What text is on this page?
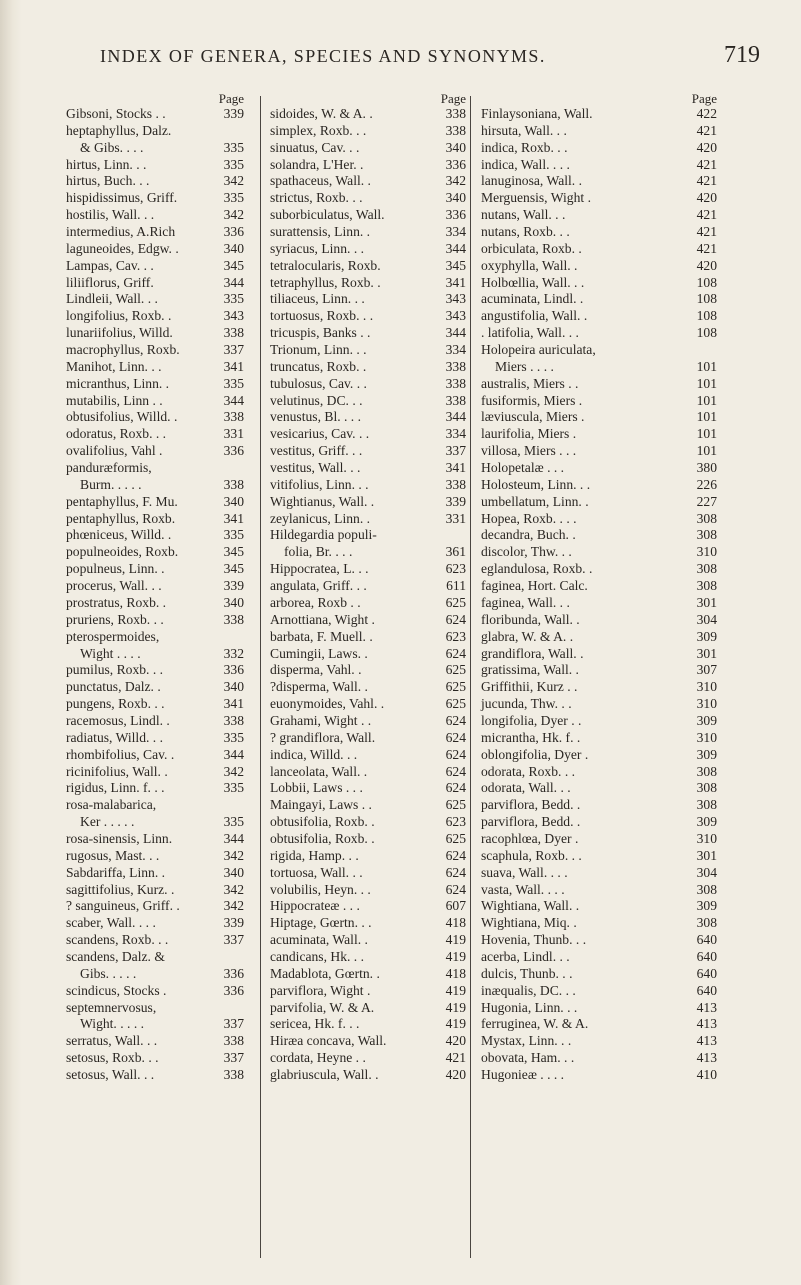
INDEX OF GENERA, SPECIES AND SYNONYMS.	719
Page
Gibsoni, Stocks . .	339
heptaphyllus, Dalz.
& Gibs. . . .	335
hirtus, Linn. . .	335
hirtus, Buch. . .	342
hispidissimus, Griff.	335
hostilis, Wall. . .	342
intermedius, A.Rich	336
laguneoides, Edgw. .	340
Lampas, Cav. . .	345
liliiflorus, Griff.	344
Lindleii, Wall. . .	335
longifolius, Roxb. .	343
lunariifolius, Willd.	338
macrophyllus, Roxb.	337
Manihot, Linn. . .	341
micranthus, Linn. .	335
mutabilis, Linn . .	344
obtusifolius, Willd. .	338
odoratus, Roxb. . .	331
ovalifolius, Vahl .	336
panduræformis,
Burm. . . . .	338
pentaphyllus, F. Mu.	340
pentaphyllus, Roxb.	341
phœniceus, Willd. .	335
populneoides, Roxb.	345
populneus, Linn. .	345
procerus, Wall. . .	339
prostratus, Roxb. .	340
pruriens, Roxb. . .	338
pterospermoides,
Wight . . . .	332
pumilus, Roxb. . .	336
punctatus, Dalz. .	340
pungens, Roxb. . .	341
racemosus, Lindl. .	338
radiatus, Willd. . .	335
rhombifolius, Cav. .	344
ricinifolius, Wall. .	342
rigidus, Linn. f. . .	335
rosa-malabarica,
Ker . . . . .	335
rosa-sinensis, Linn.	344
rugosus, Mast. . .	342
Sabdariffa, Linn. .	340
sagittifolius, Kurz. .	342
? sanguineus, Griff. .	342
scaber, Wall. . . .	339
scandens, Roxb. . .	337
scandens, Dalz. &
Gibs. . . . .	336
scindicus, Stocks .	336
septemnervosus,
Wight. . . . .	337
serratus, Wall. . .	338
setosus, Roxb. . .	337
setosus, Wall. . .	338
Page
sidoides, W. & A. .	338
simplex, Roxb. . .	338
sinuatus, Cav. . .	340
solandra, L'Her. .	336
spathaceus, Wall. .	342
strictus, Roxb. . .	340
suborbiculatus, Wall.	336
surattensis, Linn. .	334
syriacus, Linn. . .	344
tetralocularis, Roxb.	345
tetraphyllus, Roxb. .	341
tiliaceus, Linn. . .	343
tortuosus, Roxb. . .	343
tricuspis, Banks . .	344
Trionum, Linn. . .	334
truncatus, Roxb. .	338
tubulosus, Cav. . .	338
velutinus, DC. . .	338
venustus, Bl. . . .	344
vesicarius, Cav. . .	334
vestitus, Griff. . .	337
vestitus, Wall. . .	341
vitifolius, Linn. . .	338
Wightianus, Wall. .	339
zeylanicus, Linn. .	331
Hildegardia populi-
folia, Br. . . .	361
Hippocratea, L. . .	623
angulata, Griff. . .	611
arborea, Roxb . .	625
Arnottiana, Wight .	624
barbata, F. Muell. .	623
Cumingii, Laws. .	624
disperma, Vahl. .	625
?disperma, Wall. .	625
euonymoides, Vahl. .	625
Grahami, Wight . .	624
? grandiflora, Wall.	624
indica, Willd. . .	624
lanceolata, Wall. .	624
Lobbii, Laws . . .	624
Maingayi, Laws . .	625
obtusifolia, Roxb. .	623
obtusifolia, Roxb. .	625
rigida, Hamp. . .	624
tortuosa, Wall. . .	624
volubilis, Heyn. . .	624
Hippocrateæ . . .	607
Hiptage, Gœrtn. . .	418
acuminata, Wall. .	419
candicans, Hk. . .	419
Madablota, Gœrtn. .	418
parviflora, Wight .	419
parvifolia, W. & A.	419
sericea, Hk. f. . .	419
Hiræa concava, Wall.	420
cordata, Heyne . .	421
glabriuscula, Wall. .	420
Page
Finlaysoniana, Wall.	422
hirsuta, Wall. . .	421
indica, Roxb. . .	420
indica, Wall. . . .	421
lanuginosa, Wall. .	421
Merguensis, Wight .	420
nutans, Wall. . .	421
nutans, Roxb. . .	421
orbiculata, Roxb. .	421
oxyphylla, Wall. .	420
Holbœllia, Wall. . .	108
acuminata, Lindl. .	108
angustifolia, Wall. .	108
. latifolia, Wall. . .	108
Holopeira auriculata,
Miers . . . .	101
australis, Miers . .	101
fusiformis, Miers .	101
læviuscula, Miers .	101
laurifolia, Miers .	101
villosa, Miers . . .	101
Holopetalæ . . .	380
Holosteum, Linn. . .	226
umbellatum, Linn. .	227
Hopea, Roxb. . . .	308
decandra, Buch. .	308
discolor, Thw. . .	310
eglandulosa, Roxb. .	308
faginea, Hort. Calc.	308
faginea, Wall. . .	301
floribunda, Wall. .	304
glabra, W. & A. .	309
grandiflora, Wall. .	301
gratissima, Wall. .	307
Griffithii, Kurz . .	310
jucunda, Thw. . .	310
longifolia, Dyer . .	309
micrantha, Hk. f. .	310
oblongifolia, Dyer .	309
odorata, Roxb. . .	308
odorata, Wall. . .	308
parviflora, Bedd. .	308
parviflora, Bedd. .	309
racophlœa, Dyer .	310
scaphula, Roxb. . .	301
suava, Wall. . . .	304
vasta, Wall. . . .	308
Wightiana, Wall. .	309
Wightiana, Miq. .	308
Hovenia, Thunb. . .	640
acerba, Lindl. . .	640
dulcis, Thunb. . .	640
inæqualis, DC. . .	640
Hugonia, Linn. . .	413
ferruginea, W. & A.	413
Mystax, Linn. . .	413
obovata, Ham. . .	413
Hugonieæ . . . .	410
